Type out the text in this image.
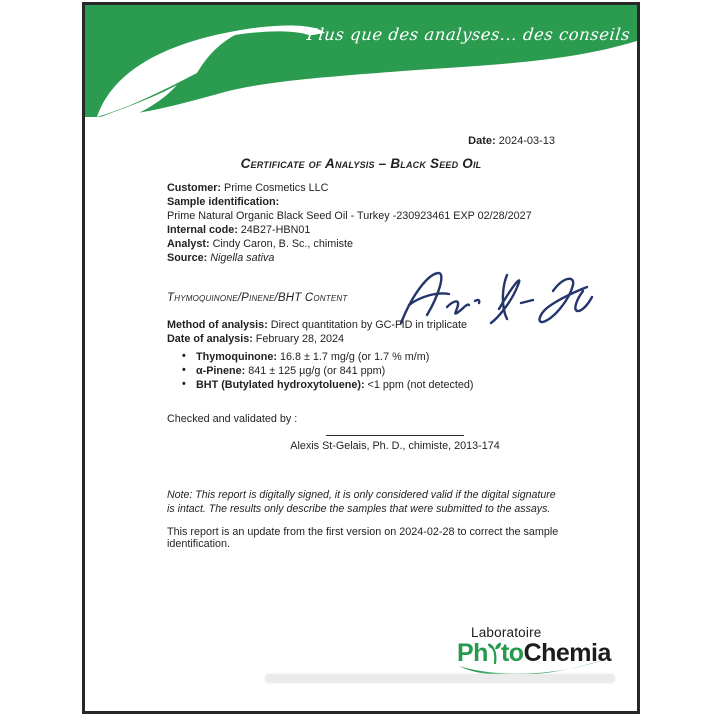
Plus que des analyses... des conseils
Date: 2024-03-13
Certificate of Analysis – Black Seed Oil
Customer: Prime Cosmetics LLC
Sample identification:
Prime Natural Organic Black Seed Oil - Turkey -230923461 EXP 02/28/2027
Internal code: 24B27-HBN01
Analyst: Cindy Caron, B. Sc., chimiste
Source: Nigella sativa
Thymoquinone/Pinene/BHT Content
Method of analysis: Direct quantitation by GC-FID in triplicate
Date of analysis: February 28, 2024
• Thymoquinone: 16.8 ± 1.7 mg/g (or 1.7 % m/m)
• α-Pinene: 841 ± 125 µg/g (or 841 ppm)
• BHT (Butylated hydroxytoluene): <1 ppm (not detected)
Checked and validated by :
Alexis St-Gelais, Ph. D., chimiste, 2013-174
Note: This report is digitally signed, it is only considered valid if the digital signature is intact. The results only describe the samples that were submitted to the assays.
This report is an update from the first version on 2024-02-28 to correct the sample identification.
Laboratoire
Ph toChemia
